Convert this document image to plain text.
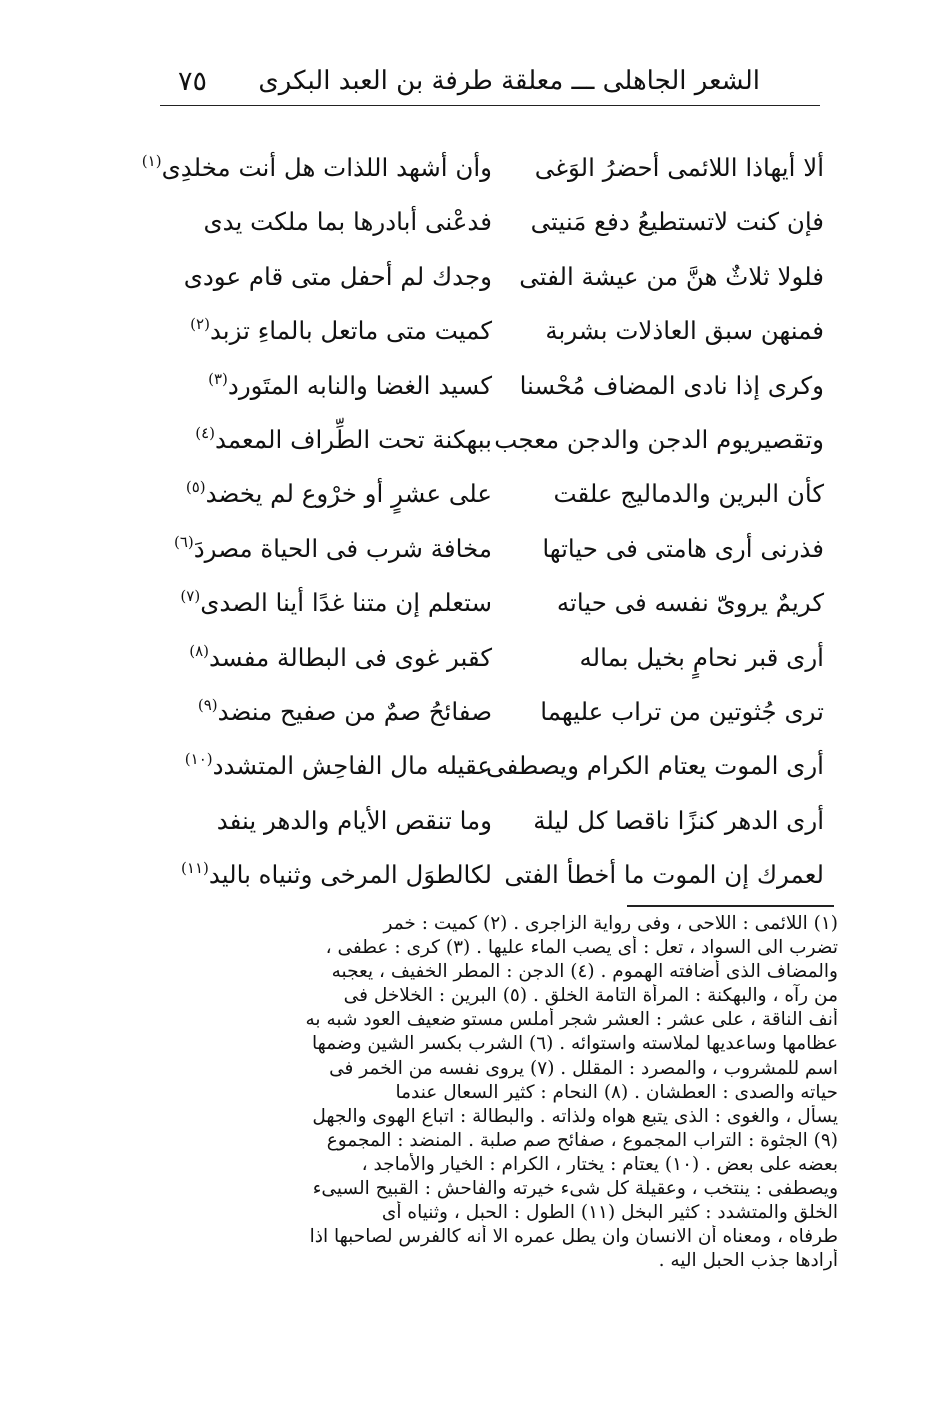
٧٥ الشعر الجاهلى ـــ معلقة طرفة بن العبد البكرى
ألا أيهاذا اللائمى أحضرُ الوَغى
وأن أشهد اللذات هل أنت مخلدِى$^{(١)}$
فإن كنت لاتستطيعُ دفع مَنيتى
فدعْنى أبادرها بما ملكت يدى
فلولا ثلاثٌ هنَّ من عيشة الفتى
وجدك لم أحفل متى قام عودى
فمنهن سبق العاذلات بشربة
كميت متى ماتعل بالماءِ تزبد$^{(٢)}$
وكرى إذا نادى المضاف مُحْسنا
كسيد الغضا والنابه المتَورد$^{(٣)}$
وتقصيريوم الدجن والدجن معجب
ببهكنة تحت الطِّراف المعمد$^{(٤)}$
كأن البرين والدماليج علقت
على عشرٍ أو خرْوع لم يخضد$^{(٥)}$
فذرنى أرى هامتى فى حياتها
مخافة شرب فى الحياة مصردَ$^{(٦)}$
كريمٌ يروىّ نفسه فى حياته
ستعلم إن متنا غدًا أينا الصدى$^{(٧)}$
أرى قبر نحامٍ بخيل بماله
كقبر غوى فى البطالة مفسد$^{(٨)}$
ترى جُثوتين من تراب عليهما
صفائحُ صمٌ من صفيح منضد$^{(٩)}$
أرى الموت يعتام الكرام ويصطفى
عقيله مال الفاحِش المتشدد$^{(١٠)}$
أرى الدهر كنزًا ناقصا كل ليلة
وما تنقص الأيام والدهر ينفد
لعمرك إن الموت ما أخطأ الفتى
لكالطوَل المرخى وثنياه باليد$^{(١١)}$
(١) اللائمى : اللاحى ، وفى رواية الزاجرى . (٢) كميت : خمر
تضرب الى السواد ، تعل : أى يصب الماء عليها . (٣) كرى : عطفى ،
والمضاف الذى أضافته الهموم . (٤) الدجن : المطر الخفيف ، يعجبه
من رآه ، والبهكنة : المرأة التامة الخلق . (٥) البرين : الخلاخل فى
أنف الناقة ، على عشر : العشر شجر أملس مستو ضعيف العود شبه به
عظامها وساعديها لملاسته واستوائه . (٦) الشرب بكسر الشين وضمها
اسم للمشروب ، والمصرد : المقلل . (٧) يروى نفسه من الخمر فى
حياته والصدى : العطشان . (٨) النحام : كثير السعال عندما
يسأل ، والغوى : الذى يتبع هواه ولذاته . والبطالة : اتباع الهوى والجهل
(٩) الجثوة : التراب المجموع ، صفائح صم صلبة . المنضد : المجموع
بعضه على بعض . (١٠) يعتام : يختار ، الكرام : الخيار والأماجد ،
ويصطفى : ينتخب ، وعقيلة كل شىء خيرته والفاحش : القبيح السيىء
الخلق والمتشدد : كثير البخل (١١) الطول : الحبل ، وثنياه أى
طرفاه ، ومعناه أن الانسان وان يطل عمره الا أنه كالفرس لصاحبها اذا
أرادها جذب الحبل اليه .
